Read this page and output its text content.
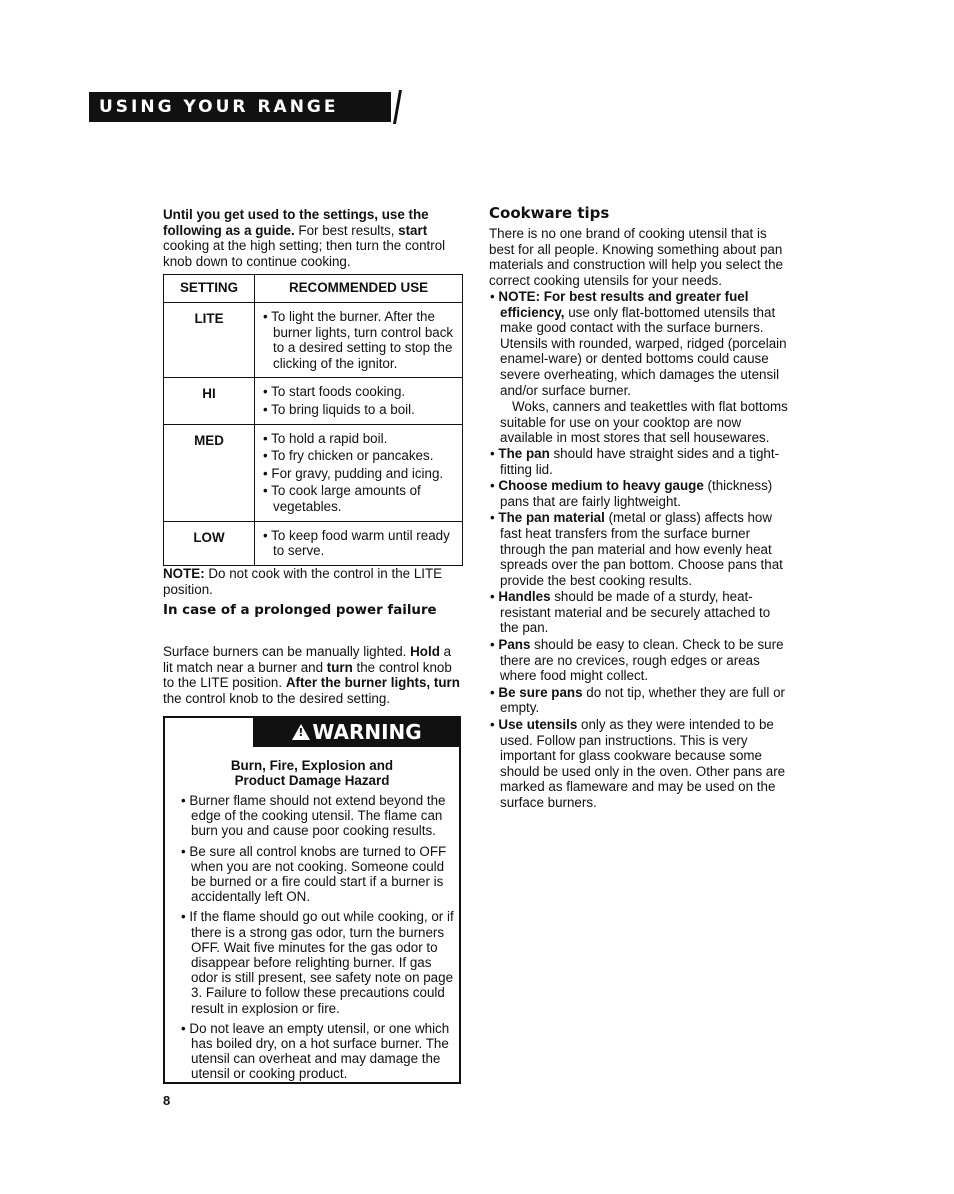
USING YOUR RANGE
Until you get used to the settings, use the following as a guide. For best results, start cooking at the high setting; then turn the control knob down to continue cooking.
SETTING	RECOMMENDED USE
LITE	• To light the burner. After the burner lights, turn control back to a desired setting to stop the clicking of the ignitor.

HI	• To start foods cooking.
• To bring liquids to a boil.

MED	• To hold a rapid boil.
• To fry chicken or pancakes.
• For gravy, pudding and icing.
• To cook large amounts of vegetables.

LOW	• To keep food warm until ready to serve.
NOTE: Do not cook with the control in the LITE position.
In case of a prolonged power failure
Surface burners can be manually lighted. Hold a lit match near a burner and turn the control knob to the LITE position. After the burner lights, turn the control knob to the desired setting.
! WARNING
Burn, Fire, Explosion and
Product Damage Hazard
• Burner flame should not extend beyond the edge of the cooking utensil. The flame can burn you and cause poor cooking results.
• Be sure all control knobs are turned to OFF when you are not cooking. Someone could be burned or a fire could start if a burner is accidentally left ON.
• If the flame should go out while cooking, or if there is a strong gas odor, turn the burners OFF. Wait five minutes for the gas odor to disappear before relighting burner. If gas odor is still present, see safety note on page 3. Failure to follow these precautions could result in explosion or fire.
• Do not leave an empty utensil, or one which has boiled dry, on a hot surface burner. The utensil can overheat and may damage the utensil or cooking product.
8
Cookware tips
There is no one brand of cooking utensil that is best for all people. Knowing something about pan materials and construction will help you select the correct cooking utensils for your needs.
• NOTE: For best results and greater fuel efficiency, use only flat-bottomed utensils that make good contact with the surface burners. Utensils with rounded, warped, ridged (porcelain enamel-ware) or dented bottoms could cause severe overheating, which damages the utensil and/or surface burner.
Woks, canners and teakettles with flat bottoms suitable for use on your cooktop are now available in most stores that sell housewares.
• The pan should have straight sides and a tight-fitting lid.
• Choose medium to heavy gauge (thickness) pans that are fairly lightweight.
• The pan material (metal or glass) affects how fast heat transfers from the surface burner through the pan material and how evenly heat spreads over the pan bottom. Choose pans that provide the best cooking results.
• Handles should be made of a sturdy, heat-resistant material and be securely attached to the pan.
• Pans should be easy to clean. Check to be sure there are no crevices, rough edges or areas where food might collect.
• Be sure pans do not tip, whether they are full or empty.
• Use utensils only as they were intended to be used. Follow pan instructions. This is very important for glass cookware because some should be used only in the oven. Other pans are marked as flameware and may be used on the surface burners.
